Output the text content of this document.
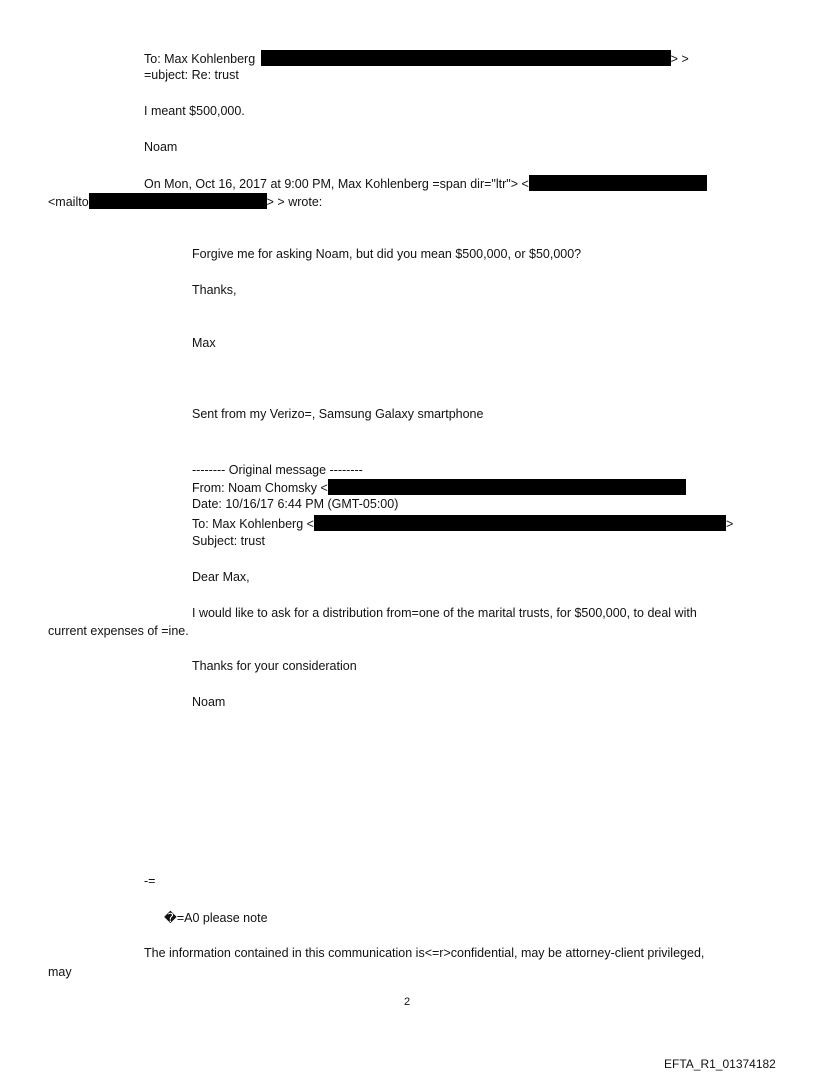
To: Max Kohlenberg	> >
=ubject: Re: trust
I meant $500,000.
Noam
On Mon, Oct 16, 2017 at 9:00 PM, Max Kohlenberg =span dir="ltr"> <
<mailto	> > wrote:
Forgive me for asking Noam, but did you mean $500,000, or $50,000?
Thanks,
Max
Sent from my Verizo=, Samsung Galaxy smartphone
-------- Original message --------
From: Noam Chomsky <
Date: 10/16/17 6:44 PM (GMT-05:00)
To: Max Kohlenberg <	>
Subject: trust
Dear Max,
I would like to ask for a distribution from=one of the marital trusts, for $500,000, to deal with
current expenses of =ine.
Thanks for your consideration
Noam
-=
�=A0 please note
The information contained in this communication is<=r>confidential, may be attorney-client privileged,
may
2
EFTA_R1_01374182
